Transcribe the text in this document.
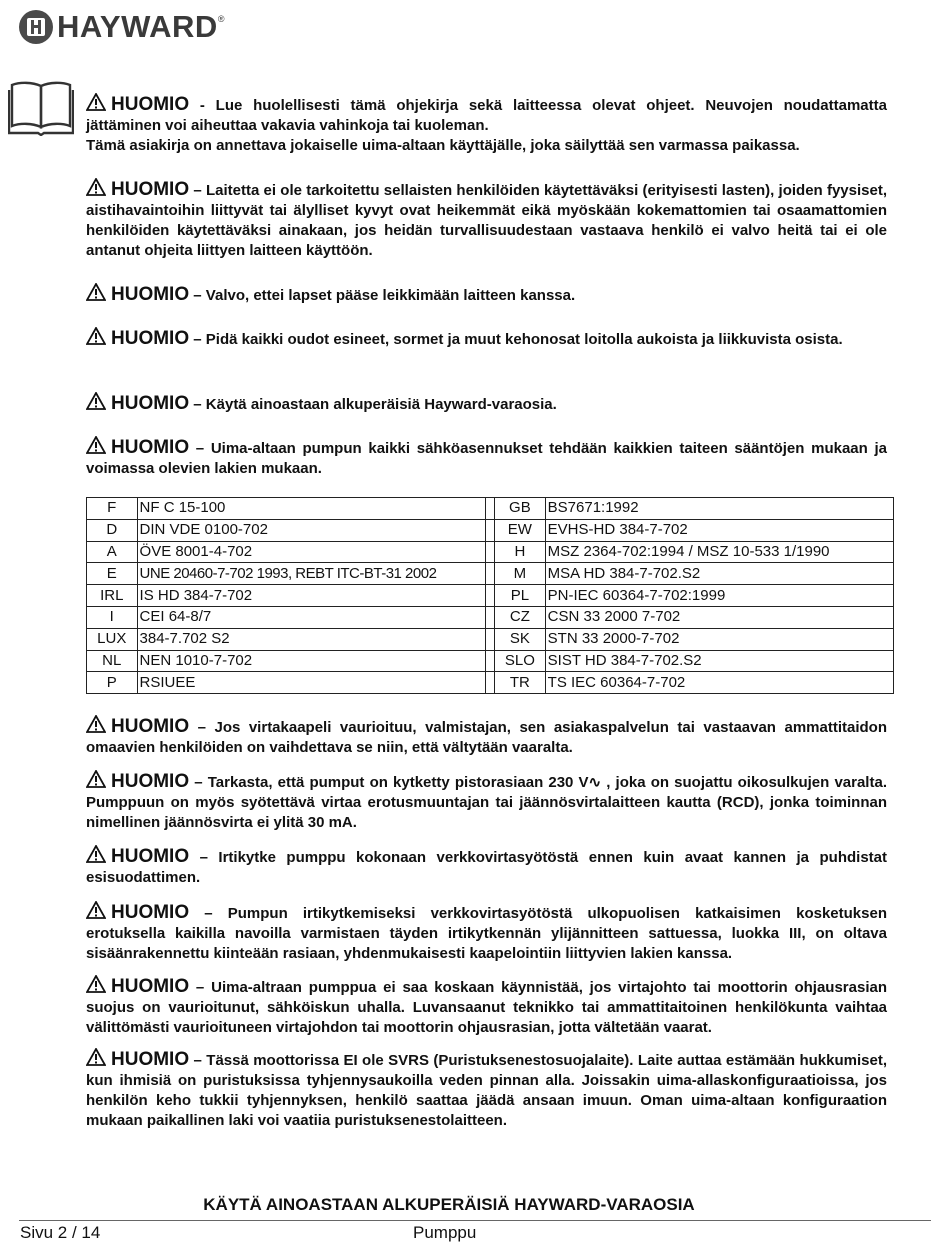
HAYWARD ®

HUOMIO - Lue huolellisesti tämä ohjekirja sekä laitteessa olevat ohjeet. Neuvojen noudattamatta jättäminen voi aiheuttaa vakavia vahinkoja tai kuoleman.

Tämä asiakirja on annettava jokaiselle uima-altaan käyttäjälle, joka säilyttää sen varmassa paikassa.

HUOMIO – Laitetta ei ole tarkoitettu sellaisten henkilöiden käytettäväksi (erityisesti lasten), joiden fyysiset, aistihavaintoihin liittyvät tai älylliset kyvyt ovat heikemmät eikä myöskään kokemattomien tai osaamattomien henkilöiden käytettäväksi ainakaan, jos heidän turvallisuudestaan vastaava henkilö ei valvo heitä tai ei ole antanut ohjeita liittyen laitteen käyttöön.

HUOMIO – Valvo, ettei lapset pääse leikkimään laitteen kanssa.

HUOMIO – Pidä kaikki oudot esineet, sormet ja muut kehonosat loitolla aukoista ja liikkuvista osista.

HUOMIO – Käytä ainoastaan alkuperäisiä Hayward-varaosia.

HUOMIO – Uima-altaan pumpun kaikki sähköasennukset tehdään kaikkien taiteen sääntöjen mukaan ja voimassa olevien lakien mukaan.

F	NF C 15-100		GB	BS7671:1992
D	DIN VDE 0100-702		EW	EVHS-HD 384-7-702
A	ÖVE 8001-4-702		H	MSZ 2364-702:1994 / MSZ 10-533 1/1990
E	UNE 20460-7-702 1993, REBT ITC-BT-31 2002		M	MSA HD 384-7-702.S2
IRL	IS HD 384-7-702		PL	PN-IEC 60364-7-702:1999
I	CEI 64-8/7		CZ	CSN 33 2000 7-702
LUX	384-7.702 S2		SK	STN 33 2000-7-702
NL	NEN 1010-7-702		SLO	SIST HD 384-7-702.S2
P	RSIUEE		TR	TS IEC 60364-7-702

HUOMIO – Jos virtakaapeli vaurioituu, valmistajan, sen asiakaspalvelun tai vastaavan ammattitaidon omaavien henkilöiden on vaihdettava se niin, että vältytään vaaralta.

HUOMIO – Tarkasta, että pumput on kytketty pistorasiaan 230 V∿ , joka on suojattu oikosulkujen varalta. Pumppuun on myös syötettävä virtaa erotusmuuntajan tai jäännösvirtalaitteen kautta (RCD), jonka toiminnan nimellinen jäännösvirta ei ylitä 30 mA.

HUOMIO – Irtikytke pumppu kokonaan verkkovirtasyötöstä ennen kuin avaat kannen ja puhdistat esisuodattimen.

HUOMIO – Pumpun irtikytkemiseksi verkkovirtasyötöstä ulkopuolisen katkaisimen kosketuksen erotuksella kaikilla navoilla varmistaen täyden irtikytkennän ylijännitteen sattuessa, luokka III, on oltava sisäänrakennettu kiinteään rasiaan, yhdenmukaisesti kaapelointiin liittyvien lakien kanssa.

HUOMIO – Uima-altraan pumppua ei saa koskaan käynnistää, jos virtajohto tai moottorin ohjausrasian suojus on vaurioitunut, sähköiskun uhalla. Luvansaanut teknikko tai ammattitaitoinen henkilökunta vaihtaa välittömästi vaurioituneen virtajohdon tai moottorin ohjausrasian, jotta vältetään vaarat.

HUOMIO – Tässä moottorissa EI ole SVRS (Puristuksenestosuojalaite). Laite auttaa estämään hukkumiset, kun ihmisiä on puristuksissa tyhjennysaukoilla veden pinnan alla. Joissakin uima-allaskonfiguraatioissa, jos henkilön keho tukkii tyhjennyksen, henkilö saattaa jäädä ansaan imuun. Oman uima-altaan konfiguraation mukaan paikallinen laki voi vaatiia puristuksenestolaitteen.

KÄYTÄ AINOASTAAN ALKUPERÄISIÄ HAYWARD-VARAOSIA
Sivu 2 / 14	Pumppu
